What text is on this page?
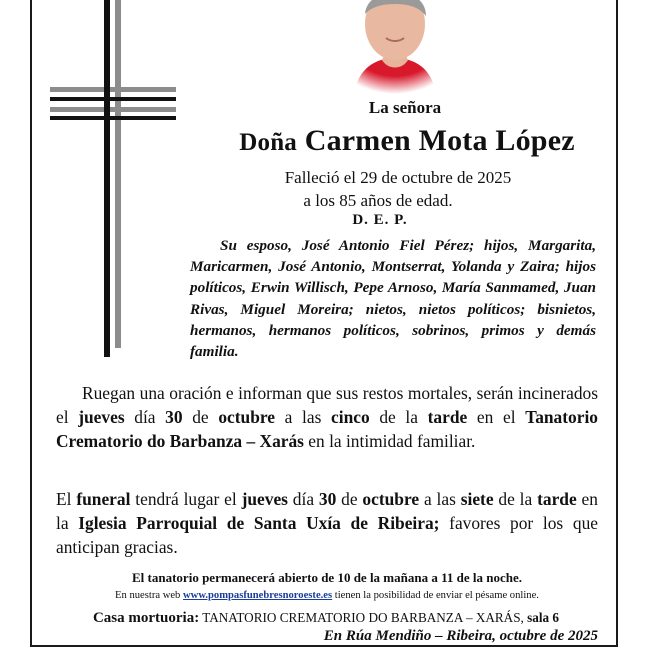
La señora
Doña Carmen Mota López
Falleció el 29 de octubre de 2025
a los 85 años de edad.
D. E. P.

Su esposo, José Antonio Fiel Pérez; hijos, Margarita, Maricarmen, José Antonio, Montserrat, Yolanda y Zaira; hijos políticos, Erwin Willisch, Pepe Arnoso, María Sanmamed, Juan Rivas, Miguel Moreira; nietos, nietos políticos; bisnietos, hermanos, hermanos políticos, sobrinos, primos y demás familia.

Ruegan una oración e informan que sus restos mortales, serán incinerados el jueves día 30 de octubre a las cinco de la tarde en el Tanatorio Crematorio do Barbanza – Xarás en la intimidad familiar.

El funeral tendrá lugar el jueves día 30 de octubre a las siete de la tarde en la Iglesia Parroquial de Santa Uxía de Ribeira; favores por los que anticipan gracias.

El tanatorio permanecerá abierto de 10 de la mañana a 11 de la noche.
En nuestra web www.pompasfunebresnoroeste.es tienen la posibilidad de enviar el pésame online.
Casa mortuoria: TANATORIO CREMATORIO DO BARBANZA – XARÁS, sala 6
En Rúa Mendiño – Ribeira, octubre de 2025
